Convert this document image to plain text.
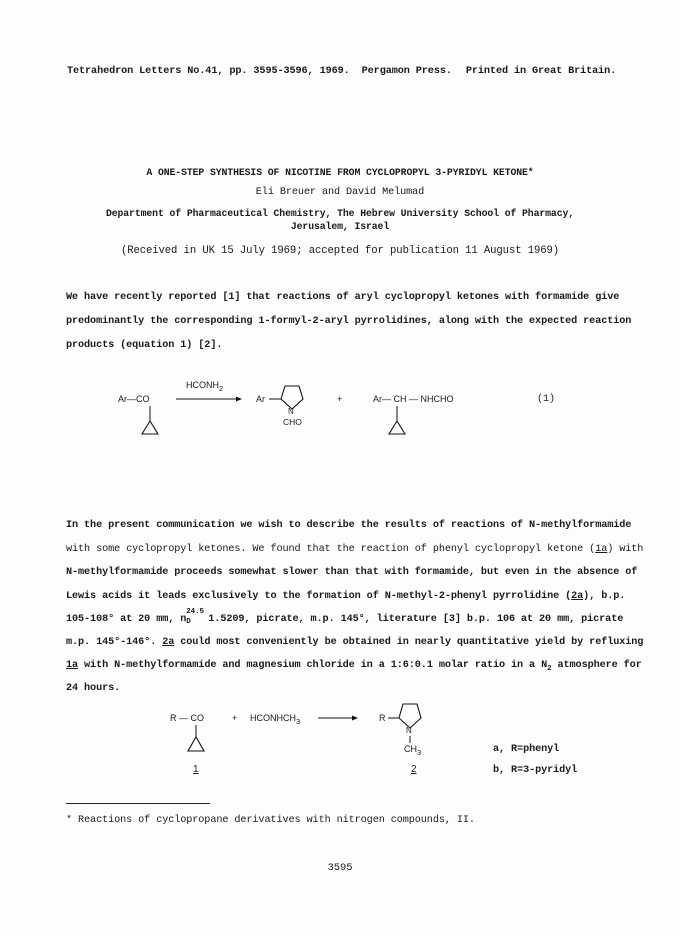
Tetrahedron Letters No.41, pp. 3595-3596, 1969. Pergamon Press. Printed in Great Britain.
A ONE-STEP SYNTHESIS OF NICOTINE FROM CYCLOPROPYL 3-PYRIDYL KETONE*
Eli Breuer and David Melumad
Department of Pharmaceutical Chemistry, The Hebrew University School of Pharmacy,
Jerusalem, Israel
(Received in UK 15 July 1969; accepted for publication 11 August 1969)
We have recently reported [1] that reactions of aryl cyclopropyl ketones with formamide give
predominantly the corresponding 1-formyl-2-aryl pyrrolidines, along with the expected reaction
products (equation 1) [2].
Ar—CO
$HCONH_2$
Ar
N
CHO
+	Ar— CH — NHCHO	(1)
In the present communication we wish to describe the results of reactions of N-methylformamide
with some cyclopropyl ketones. We found that the reaction of phenyl cyclopropyl ketone (1a) with
N-methylformamide proceeds somewhat slower than that with formamide, but even in the absence of
Lewis acids it leads exclusively to the formation of N-methyl-2-phenyl pyrrolidine (2a), b.p.
105-108° at 20 mm, n
24.5
D 1.5209, picrate, m.p. 145°, literature [3] b.p. 106 at 20 mm, picrate
m.p. 145°-146°. 2a could most conveniently be obtained in nearly quantitative yield by refluxing
1a with N-methylformamide and magnesium chloride in a 1:6:0.1 molar ratio in a $N_2$ atmosphere for
24 hours.
R — CO	+ $HCONHCH_3$	R
N
$CH_3$	a, R=phenyl
1	2	b, R=3-pyridyl
* Reactions of cyclopropane derivatives with nitrogen compounds, II.
3595
